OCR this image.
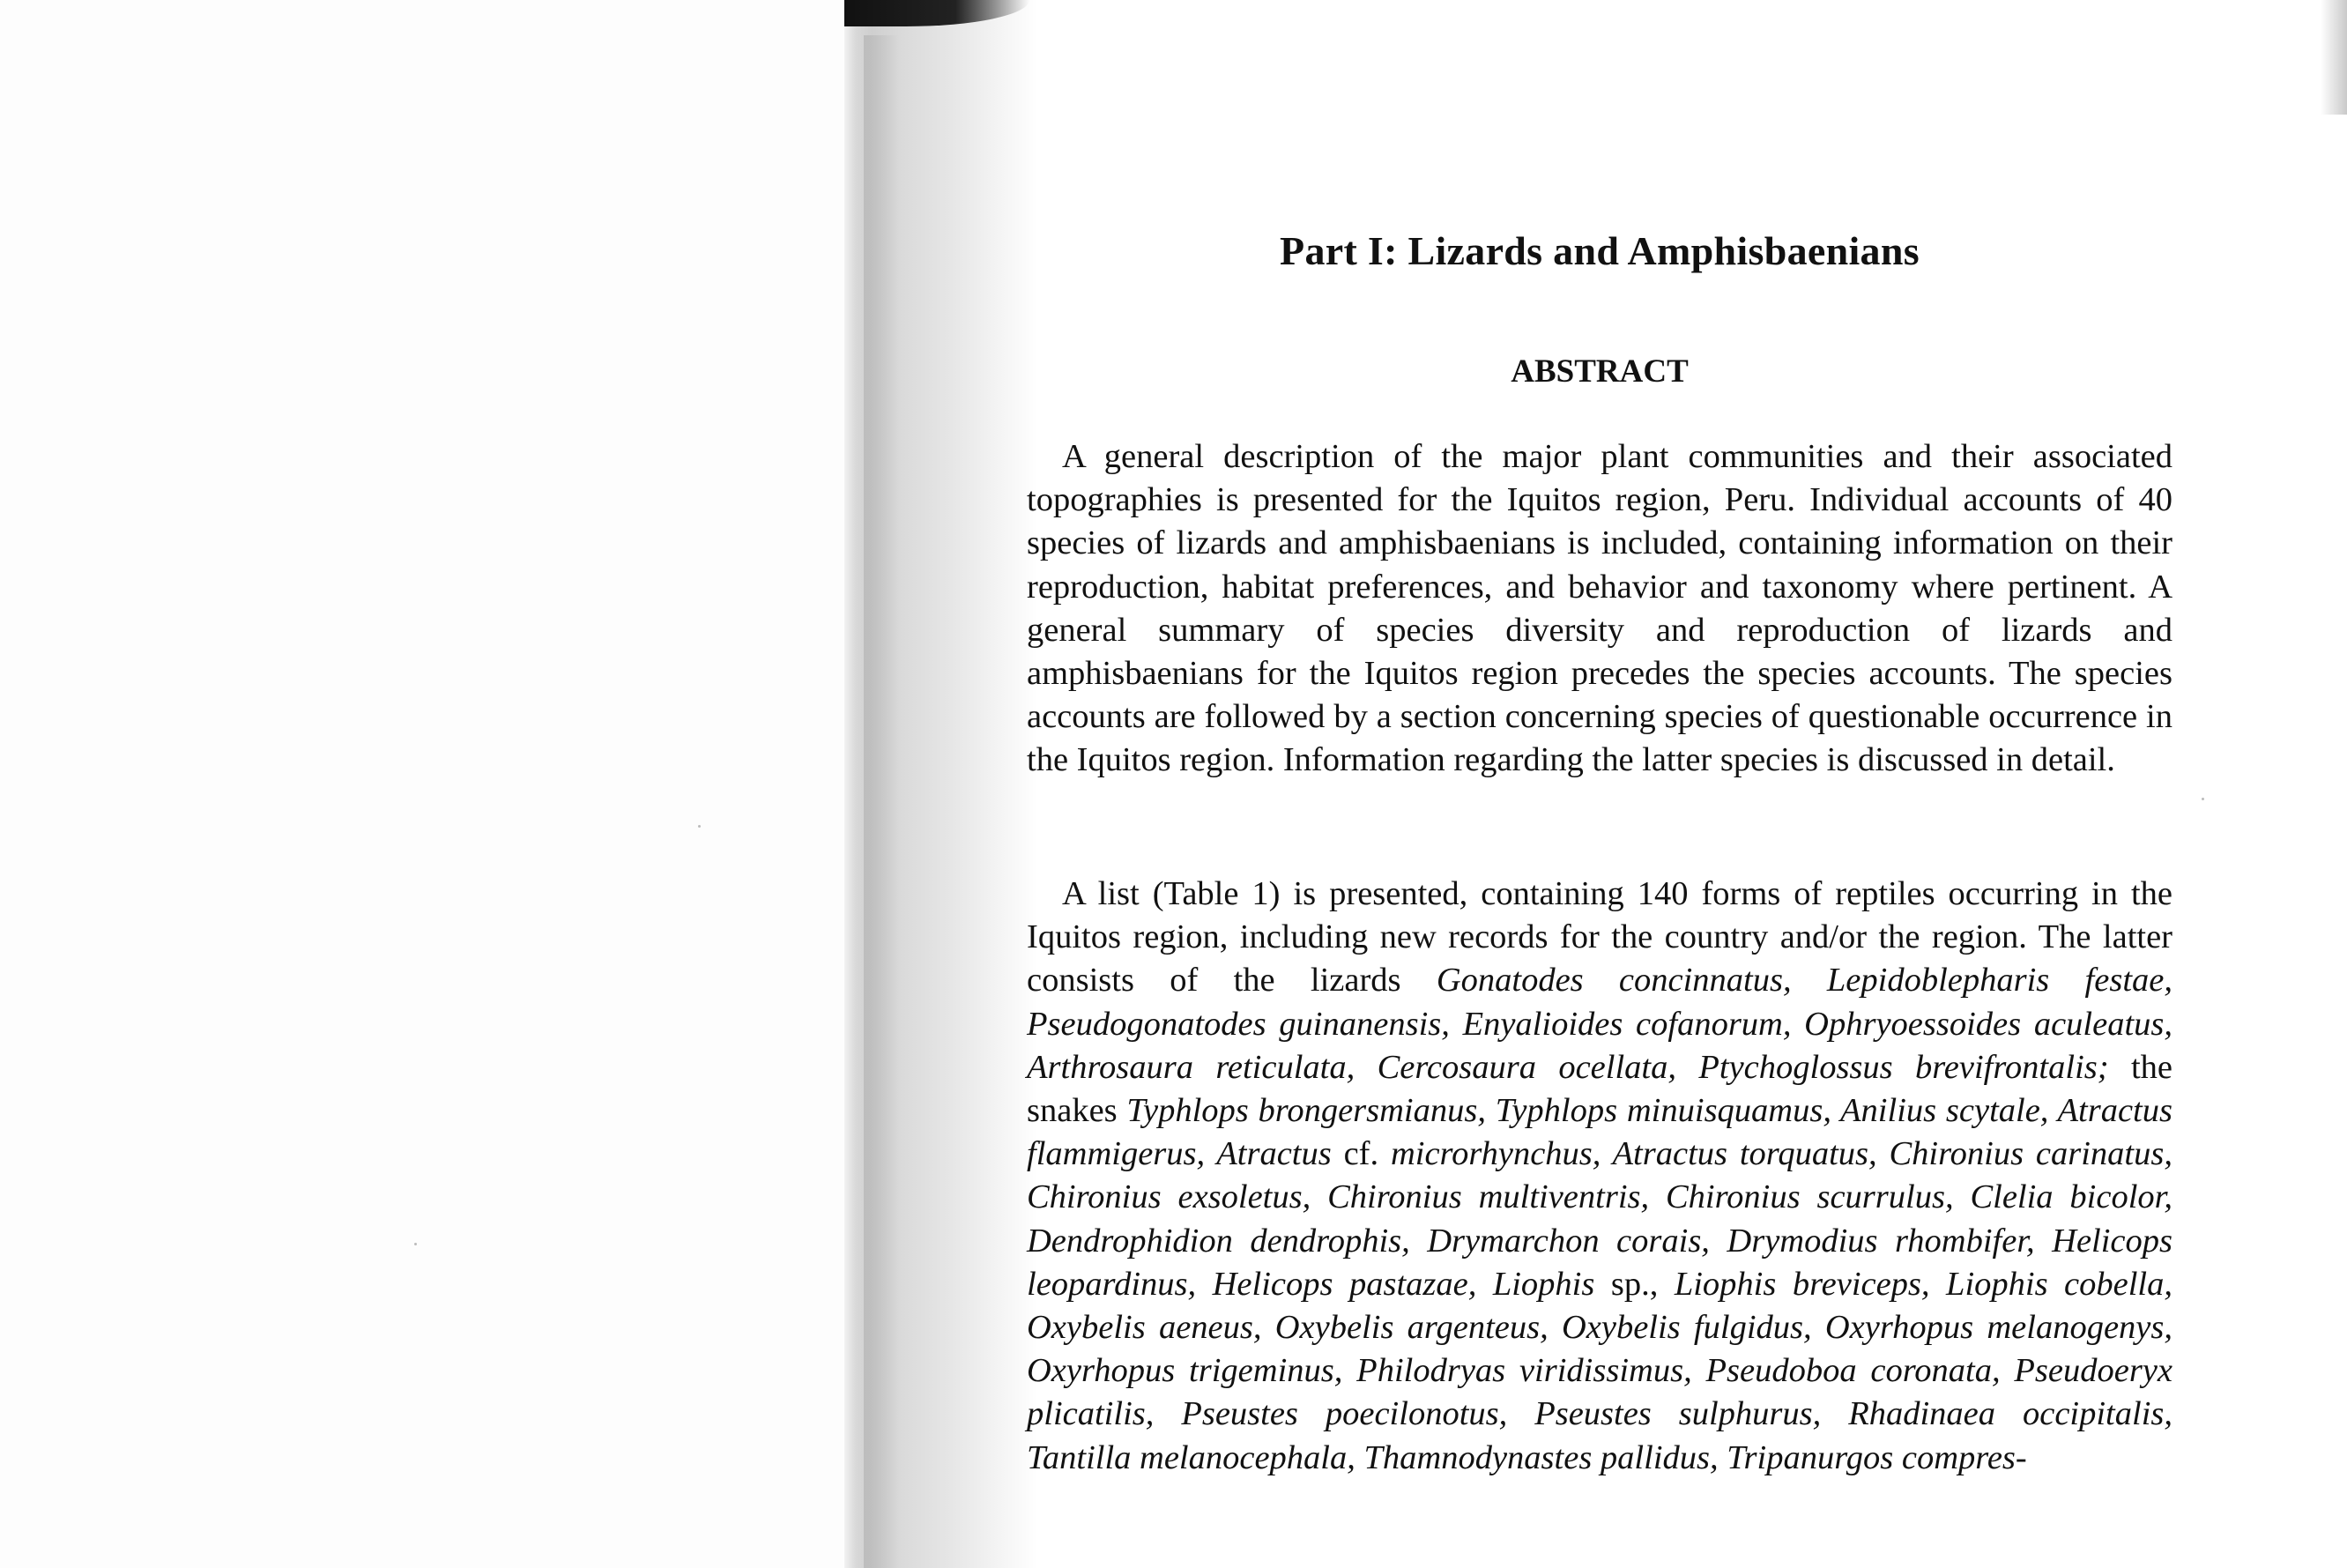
Part I: Lizards and Amphisbaenians
ABSTRACT

A general description of the major plant communities and their associated topographies is presented for the Iquitos region, Peru. Individual accounts of 40 species of lizards and amphisbaenians is included, containing information on their reproduction, habitat preferences, and behavior and taxonomy where pertinent. A general summary of species diversity and reproduction of lizards and amphisbaenians for the Iquitos region precedes the species accounts. The species accounts are followed by a section concerning species of questionable occurrence in the Iquitos region. Information regarding the latter species is discussed in detail.

A list (Table 1) is presented, containing 140 forms of reptiles occurring in the Iquitos region, including new records for the country and/or the region. The latter consists of the lizards Gonatodes concinnatus, Lepidoblepharis festae, Pseudogonatodes guinanensis, Enyalioides cofanorum, Ophryoessoides aculeatus, Arthrosaura reticulata, Cercosaura ocellata, Ptychoglossus brevifrontalis; the snakes Typhlops brongersmianus, Typhlops minuisquamus, Anilius scytale, Atractus flammigerus, Atractus cf. microrhynchus, Atractus torquatus, Chironius carinatus, Chironius exsoletus, Chironius multiventris, Chironius scurrulus, Clelia bicolor, Dendrophidion dendrophis, Drymarchon corais, Drymodius rhombifer, Helicops leopardinus, Helicops pastazae, Liophis sp., Liophis breviceps, Liophis cobella, Oxybelis aeneus, Oxybelis argenteus, Oxybelis fulgidus, Oxyrhopus melanogenys, Oxyrhopus trigeminus, Philodryas viridissimus, Pseudoboa coronata, Pseudoeryx plicatilis, Pseustes poecilonotus, Pseustes sulphurus, Rhadinaea occipitalis, Tantilla melanocephala, Thamnodynastes pallidus, Tripanurgos compres-
